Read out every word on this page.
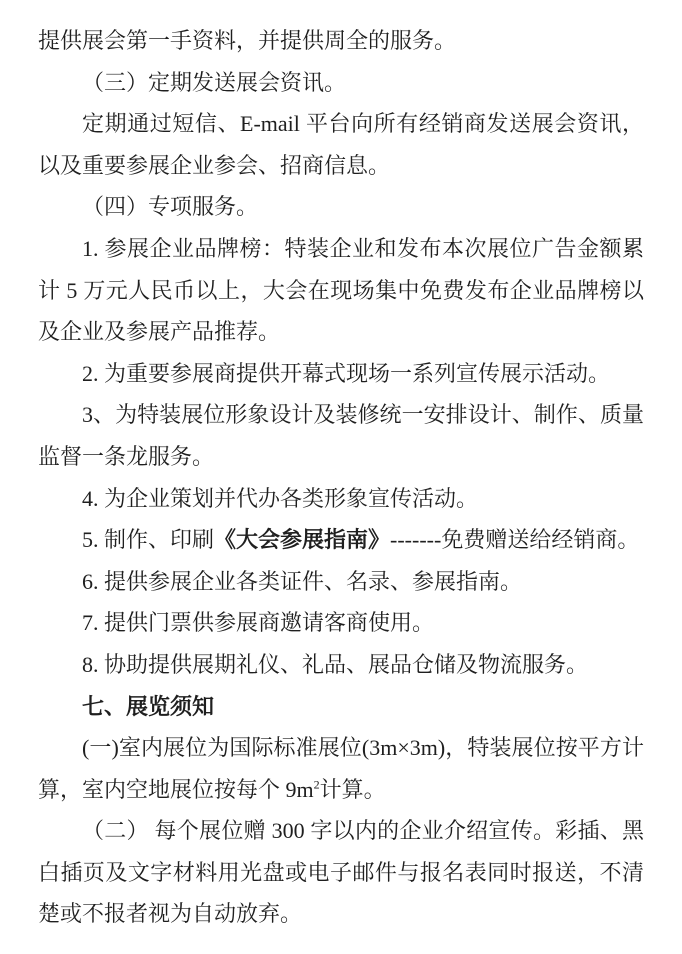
提供展会第一手资料，并提供周全的服务。

（三）定期发送展会资讯。

定期通过短信、E-mail 平台向所有经销商发送展会资讯，以及重要参展企业参会、招商信息。

（四）专项服务。

1. 参展企业品牌榜：特装企业和发布本次展位广告金额累计 5 万元人民币以上，大会在现场集中免费发布企业品牌榜以及企业及参展产品推荐。

2. 为重要参展商提供开幕式现场一系列宣传展示活动。

3、为特装展位形象设计及装修统一安排设计、制作、质量监督一条龙服务。

4. 为企业策划并代办各类形象宣传活动。

5. 制作、印刷《大会参展指南》-------免费赠送给经销商。

6. 提供参展企业各类证件、名录、参展指南。

7. 提供门票供参展商邀请客商使用。

8. 协助提供展期礼仪、礼品、展品仓储及物流服务。

七、展览须知

(一)室内展位为国际标准展位(3m×3m)，特装展位按平方计算，室内空地展位按每个 $9m^2$计算。

（二） 每个展位赠 300 字以内的企业介绍宣传。彩插、黑白插页及文字材料用光盘或电子邮件与报名表同时报送，不清楚或不报者视为自动放弃。
